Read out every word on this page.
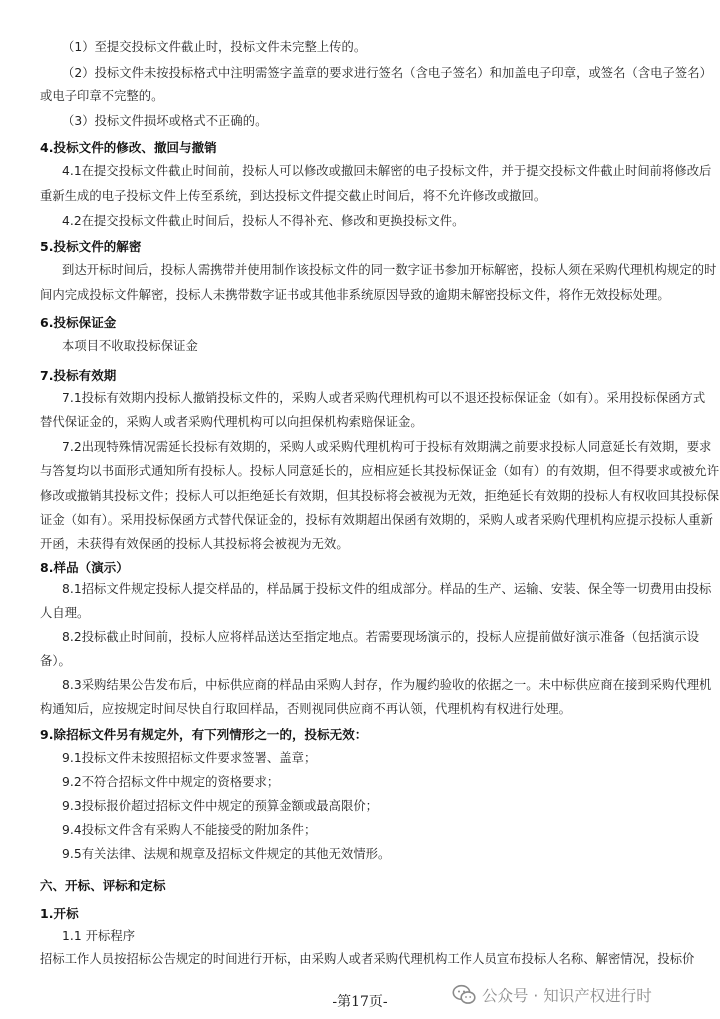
（1）至提交投标文件截止时，投标文件未完整上传的。
（2）投标文件未按投标格式中注明需签字盖章的要求进行签名（含电子签名）和加盖电子印章，或签名（含电子签名）
或电子印章不完整的。
（3）投标文件损坏或格式不正确的。
4.投标文件的修改、撤回与撤销
4.1在提交投标文件截止时间前，投标人可以修改或撤回未解密的电子投标文件，并于提交投标文件截止时间前将修改后
重新生成的电子投标文件上传至系统，到达投标文件提交截止时间后，将不允许修改或撤回。
4.2在提交投标文件截止时间后，投标人不得补充、修改和更换投标文件。
5.投标文件的解密
到达开标时间后，投标人需携带并使用制作该投标文件的同一数字证书参加开标解密，投标人须在采购代理机构规定的时
间内完成投标文件解密，投标人未携带数字证书或其他非系统原因导致的逾期未解密投标文件，将作无效投标处理。
6.投标保证金
本项目不收取投标保证金
7.投标有效期
7.1投标有效期内投标人撤销投标文件的，采购人或者采购代理机构可以不退还投标保证金（如有）。采用投标保函方式
替代保证金的，采购人或者采购代理机构可以向担保机构索赔保证金。
7.2出现特殊情况需延长投标有效期的，采购人或采购代理机构可于投标有效期满之前要求投标人同意延长有效期，要求
与答复均以书面形式通知所有投标人。投标人同意延长的，应相应延长其投标保证金（如有）的有效期，但不得要求或被允许
修改或撤销其投标文件；投标人可以拒绝延长有效期，但其投标将会被视为无效，拒绝延长有效期的投标人有权收回其投标保
证金（如有）。采用投标保函方式替代保证金的，投标有效期超出保函有效期的，采购人或者采购代理机构应提示投标人重新
开函，未获得有效保函的投标人其投标将会被视为无效。
8.样品（演示）
8.1招标文件规定投标人提交样品的，样品属于投标文件的组成部分。样品的生产、运输、安装、保全等一切费用由投标
人自理。
8.2投标截止时间前，投标人应将样品送达至指定地点。若需要现场演示的，投标人应提前做好演示准备（包括演示设
备）。
8.3采购结果公告发布后，中标供应商的样品由采购人封存，作为履约验收的依据之一。未中标供应商在接到采购代理机
构通知后，应按规定时间尽快自行取回样品，否则视同供应商不再认领，代理机构有权进行处理。
9.除招标文件另有规定外，有下列情形之一的，投标无效：
9.1投标文件未按照招标文件要求签署、盖章；
9.2不符合招标文件中规定的资格要求；
9.3投标报价超过招标文件中规定的预算金额或最高限价；
9.4投标文件含有采购人不能接受的附加条件；
9.5有关法律、法规和规章及招标文件规定的其他无效情形。
六、开标、评标和定标
1.开标
1.1 开标程序
招标工作人员按招标公告规定的时间进行开标，由采购人或者采购代理机构工作人员宣布投标人名称、解密情况，投标价
公众号 · 知识产权进行时
-第17页-
